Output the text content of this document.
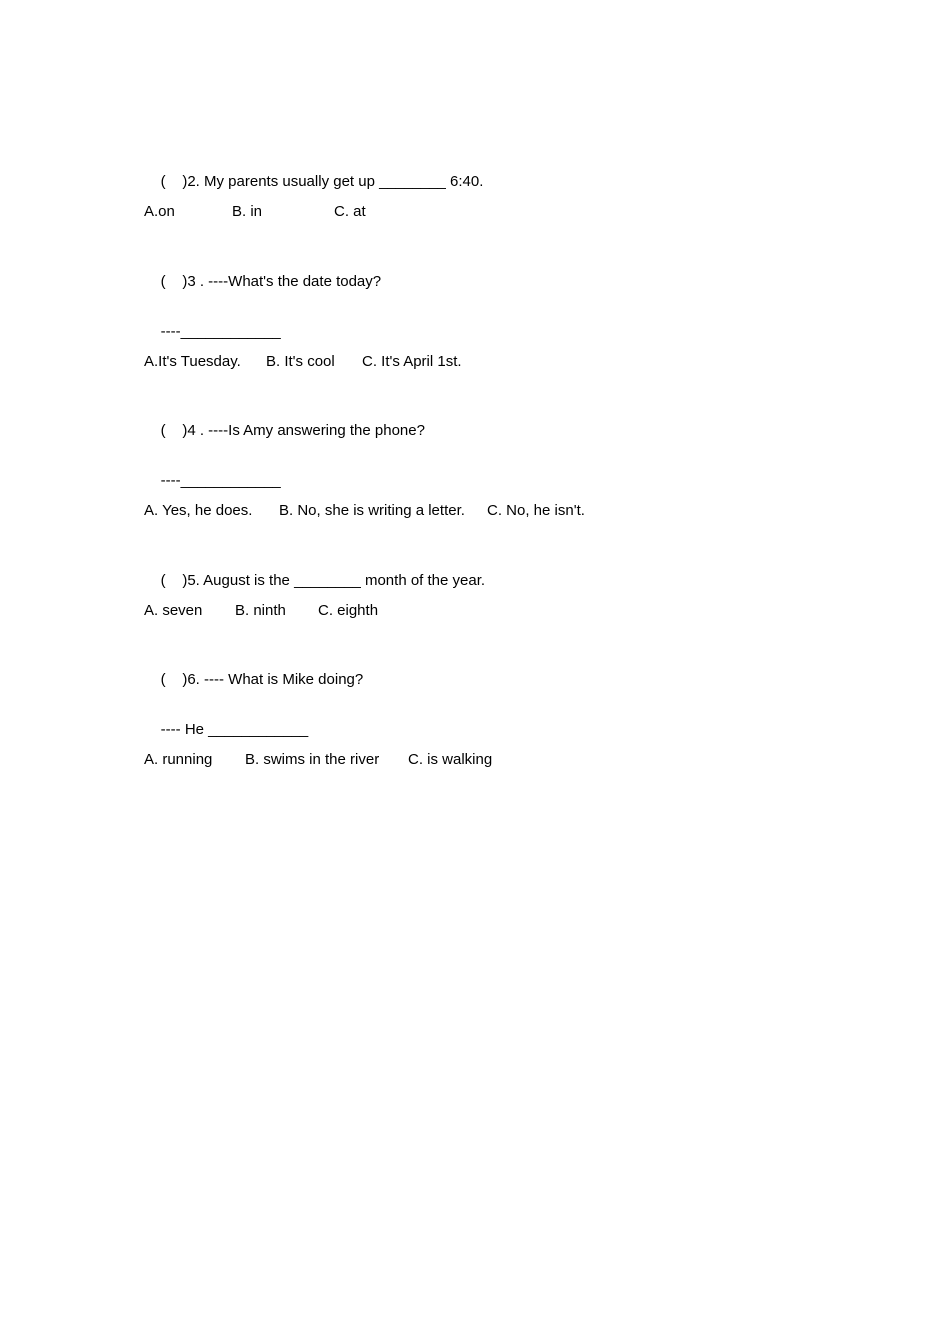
(    )2. My parents usually get up ________ 6:40.

A.on

	B. in

	C. at

(    )3 . ----What's the date today?

----____________

A.It's Tuesday.

B. It's cool

C. It's April 1st.

(    )4 . ----Is Amy answering the phone?

----____________

A. Yes, he does.

B. No, she is writing a letter.

C. No, he isn't.

(    )5. August is the ________ month of the year.

A. seven

B. ninth

C. eighth

(    )6. ---- What is Mike doing?

---- He ____________

A. running

B. swims in the river

C. is walking
